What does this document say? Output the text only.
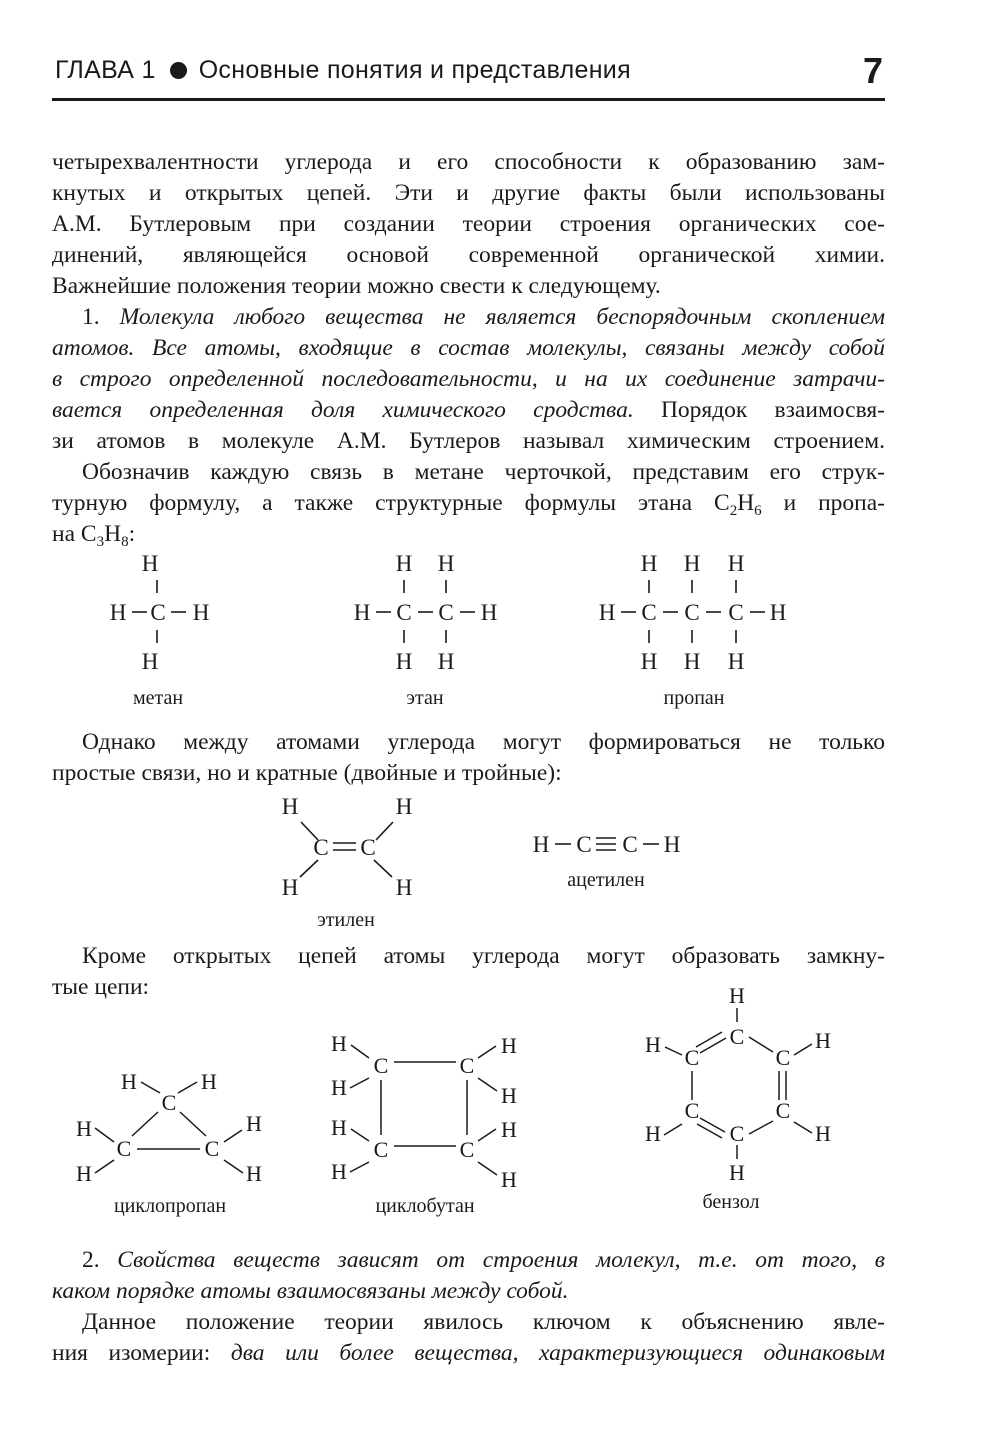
ГЛАВА 1 Основные понятия и представления	7
четырехвалентности углерода и его способности к образованию зам-
кнутых и открытых цепей. Эти и другие факты были использованы
А.М. Бутлеровым при создании теории строения органических сое-
динений, являющейся основой современной органической химии.
Важнейшие положения теории можно свести к следующему.
1. Молекула любого вещества не является беспорядочным скоплением
атомов. Все атомы, входящие в состав молекулы, связаны между собой
в строго определенной последовательности, и на их соединение затрачи-
вается определенная доля химического сродства. Порядок взаимосвя-
зи атомов в молекуле А.М. Бутлеров называл химическим строением.
Обозначив каждую связь в метане черточкой, представим его струк-
турную формулу, а также структурные формулы этана $C_2H_6$ и пропа-
на $C_3H_8$:
H
H C H
H
метан
H H
H C C H
H H
этан
H H H
H C C C H
H H H
пропан
Однако между атомами углерода могут формироваться не только
простые связи, но и кратные (двойные и тройные):
H	H
C C
H	H
этилен
H C C H
ацетилен
Кроме открытых цепей атомы углерода могут образовать замкну-
тые цепи:
H	H
C
H
C	C
H
H	H
циклопропан
H
C	C
H
H	H
H
C	C
H
H	H
циклобутан
H
C
H
C	C
H
C	C
H	H
C
H
бензол
2. Свойства веществ зависят от строения молекул, т.е. от того, в
каком порядке атомы взаимосвязаны между собой.
Данное положение теории явилось ключом к объяснению явле-
ния изомерии: два или более вещества, характеризующиеся одинаковым
